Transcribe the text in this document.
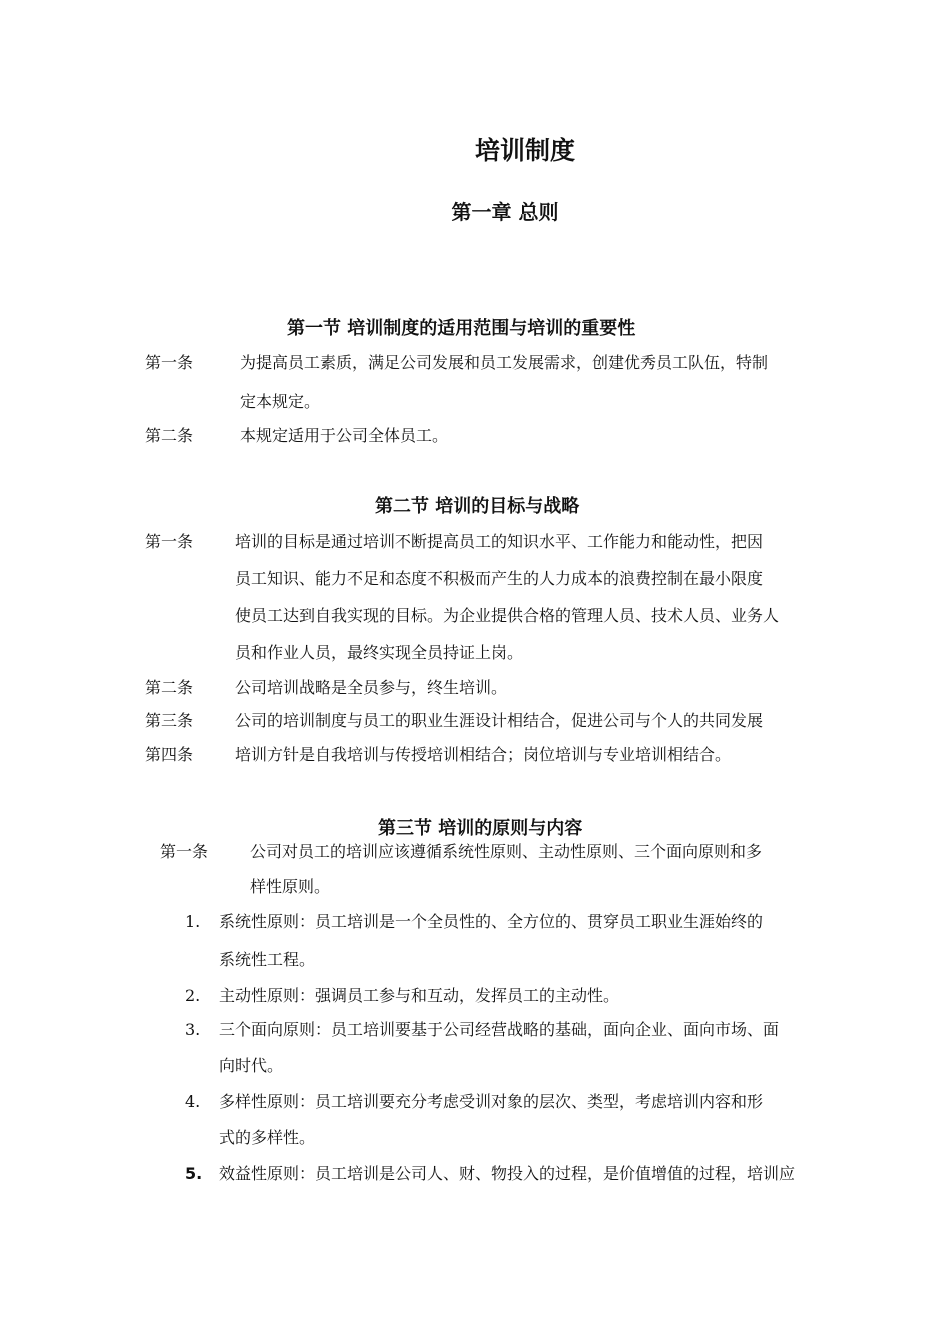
培训制度
第一章 总则
第一节 培训制度的适用范围与培训的重要性
第一条	为提高员工素质，满足公司发展和员工发展需求，创建优秀员工队伍，特制
定本规定。
第二条	本规定适用于公司全体员工。
第二节 培训的目标与战略
第一条	培训的目标是通过培训不断提高员工的知识水平、工作能力和能动性，把因
员工知识、能力不足和态度不积极而产生的人力成本的浪费控制在最小限度
使员工达到自我实现的目标。为企业提供合格的管理人员、技术人员、业务人
员和作业人员，最终实现全员持证上岗。
第二条	公司培训战略是全员参与，终生培训。
第三条	公司的培训制度与员工的职业生涯设计相结合，促进公司与个人的共同发展
第四条	培训方针是自我培训与传授培训相结合；岗位培训与专业培训相结合。
第三节 培训的原则与内容
第一条	公司对员工的培训应该遵循系统性原则、主动性原则、三个面向原则和多
样性原则。
1. 系统性原则：员工培训是一个全员性的、全方位的、贯穿员工职业生涯始终的
系统性工程。
2. 主动性原则：强调员工参与和互动，发挥员工的主动性。
3. 三个面向原则：员工培训要基于公司经营战略的基础，面向企业、面向市场、面
向时代。
4. 多样性原则：员工培训要充分考虑受训对象的层次、类型，考虑培训内容和形
式的多样性。
5. 效益性原则：员工培训是公司人、财、物投入的过程，是价值增值的过程，培训应
